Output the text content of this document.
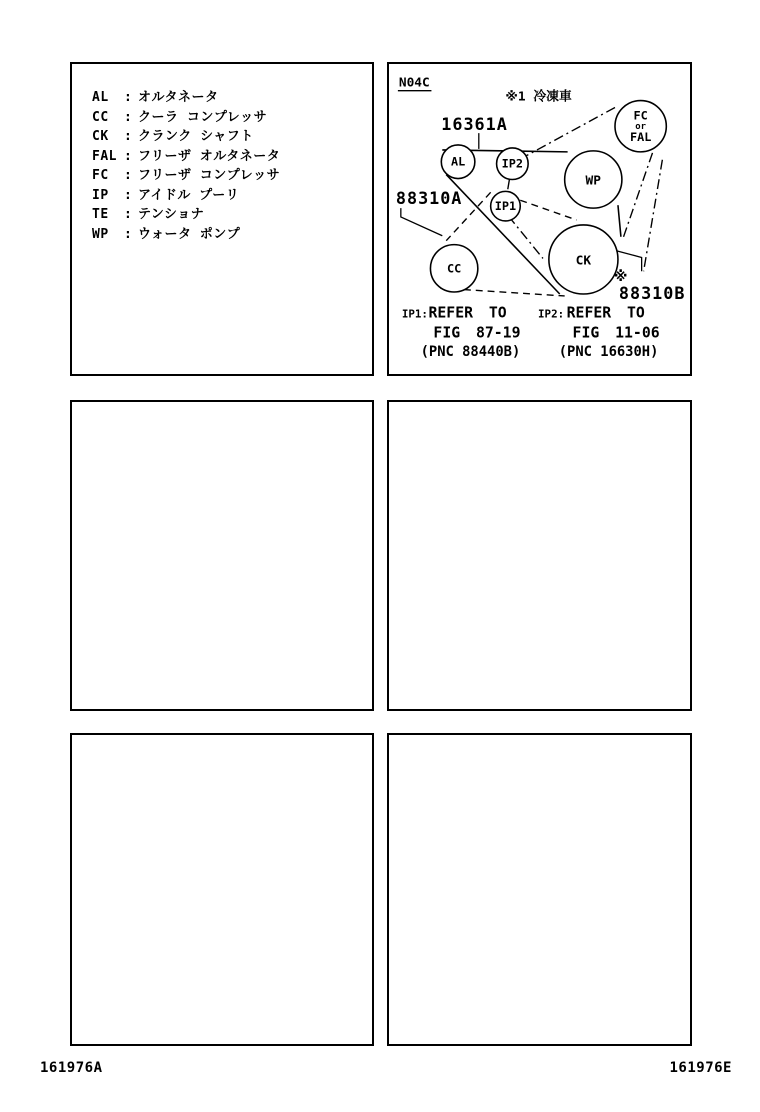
AL	: オルタネータ
CC	: クーラ コンプレッサ
CK	: クランク シャフト
FAL : フリーザ オルタネータ
FC	: フリーザ コンプレッサ
IP	: アイドル プーリ
TE	: テンショナ
WP	: ウォータ ポンプ
AL	IP2
IP1
WP
FC
or
FAL
CC	CK
N04C
※1 冷凍車
16361A
88310A
※
88310B
IP1: REFER TO
FIG 87-19
(PNC 88440B)
IP2: REFER TO
FIG 11-06
(PNC 16630H)
161976A	161976E
